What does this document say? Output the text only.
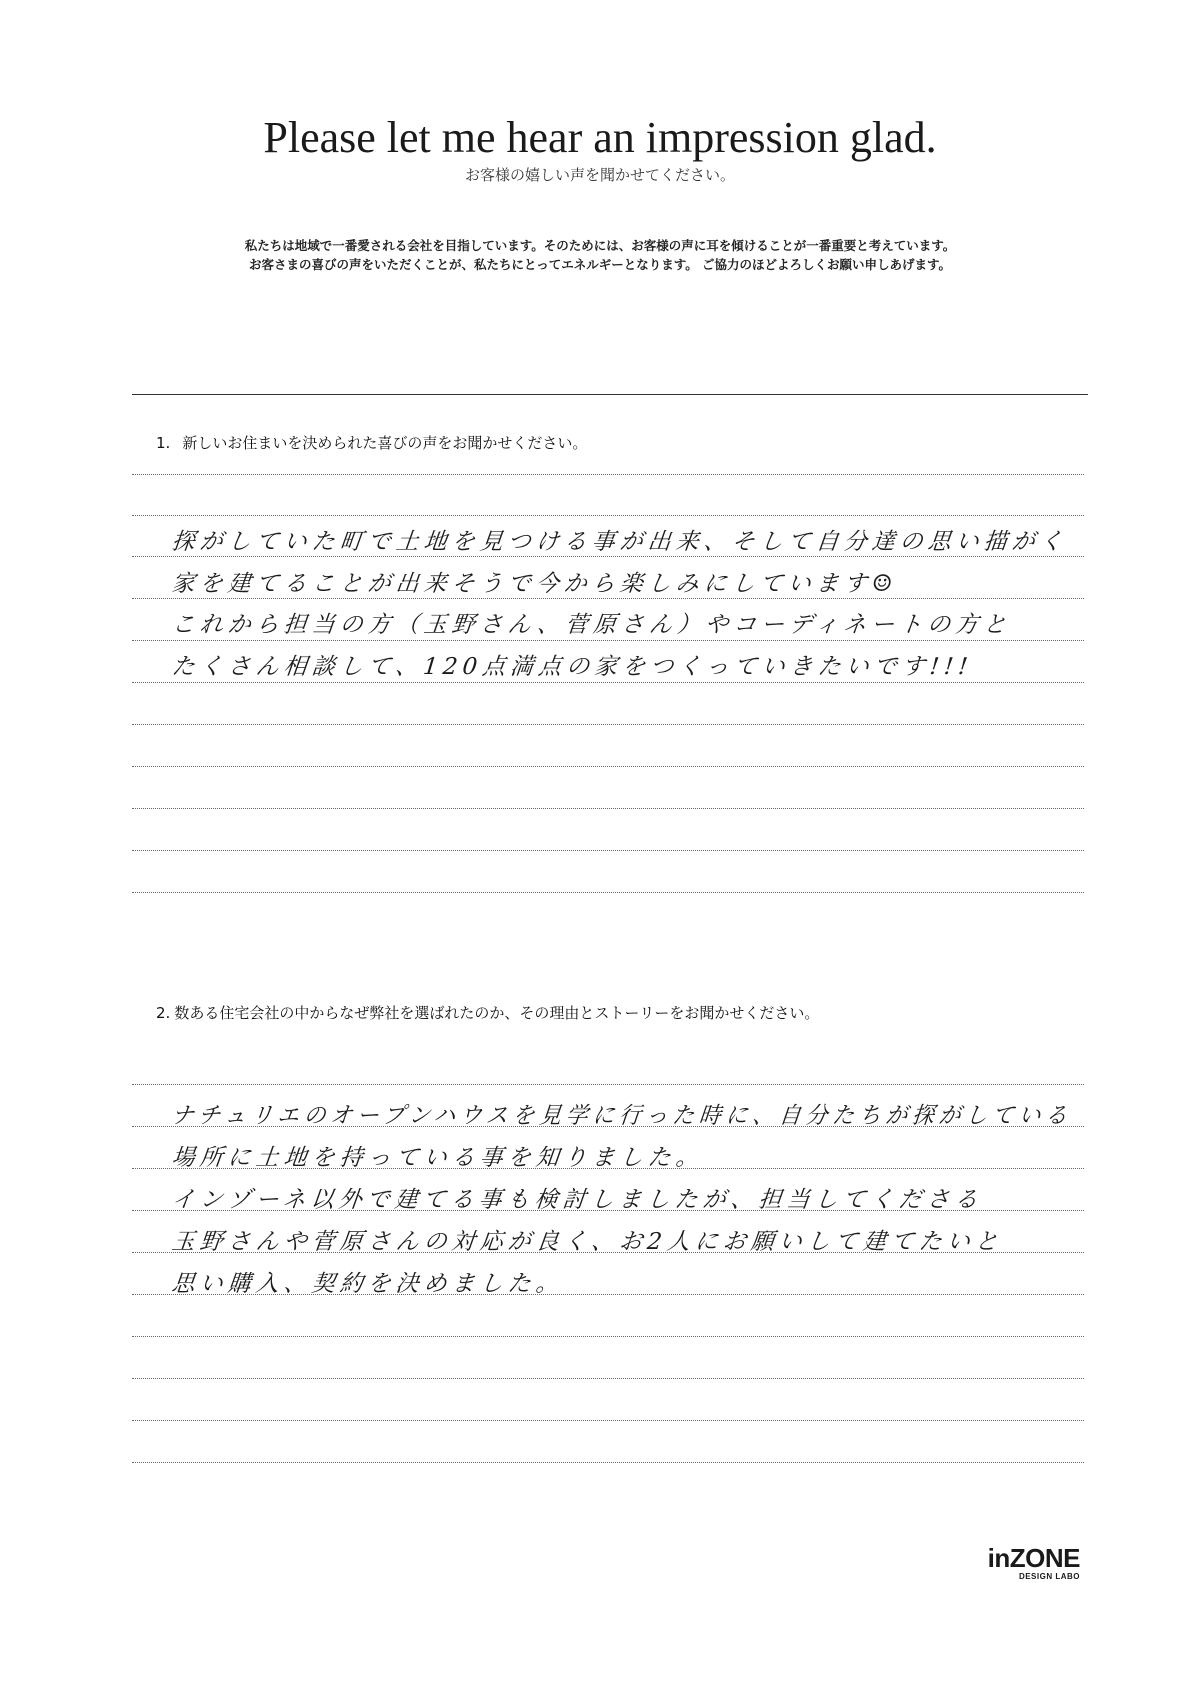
Please let me hear an impression glad.
お客様の嬉しい声を聞かせてください。
私たちは地域で一番愛される会社を目指しています。そのためには、お客様の声に耳を傾けることが一番重要と考えています。
お客さまの喜びの声をいただくことが、私たちにとってエネルギーとなります。 ご協力のほどよろしくお願い申しあげます。
1. 新しいお住まいを決められた喜びの声をお聞かせください。
探がしていた町で土地を見つける事が出来、そして自分達の思い描がく
家を建てることが出来そうで今から楽しみにしています☺
これから担当の方（玉野さん、菅原さん）やコーディネートの方と
たくさん相談して、120点満点の家をつくっていきたいです!!!
2. 数ある住宅会社の中からなぜ弊社を選ばれたのか、その理由とストーリーをお聞かせください。
ナチュリエのオープンハウスを見学に行った時に、自分たちが探がしている
場所に土地を持っている事を知りました。
インゾーネ以外で建てる事も検討しましたが、担当してくださる
玉野さんや菅原さんの対応が良く、お2人にお願いして建てたいと
思い購入、契約を決めました。
inZONE
DESIGN LABO
